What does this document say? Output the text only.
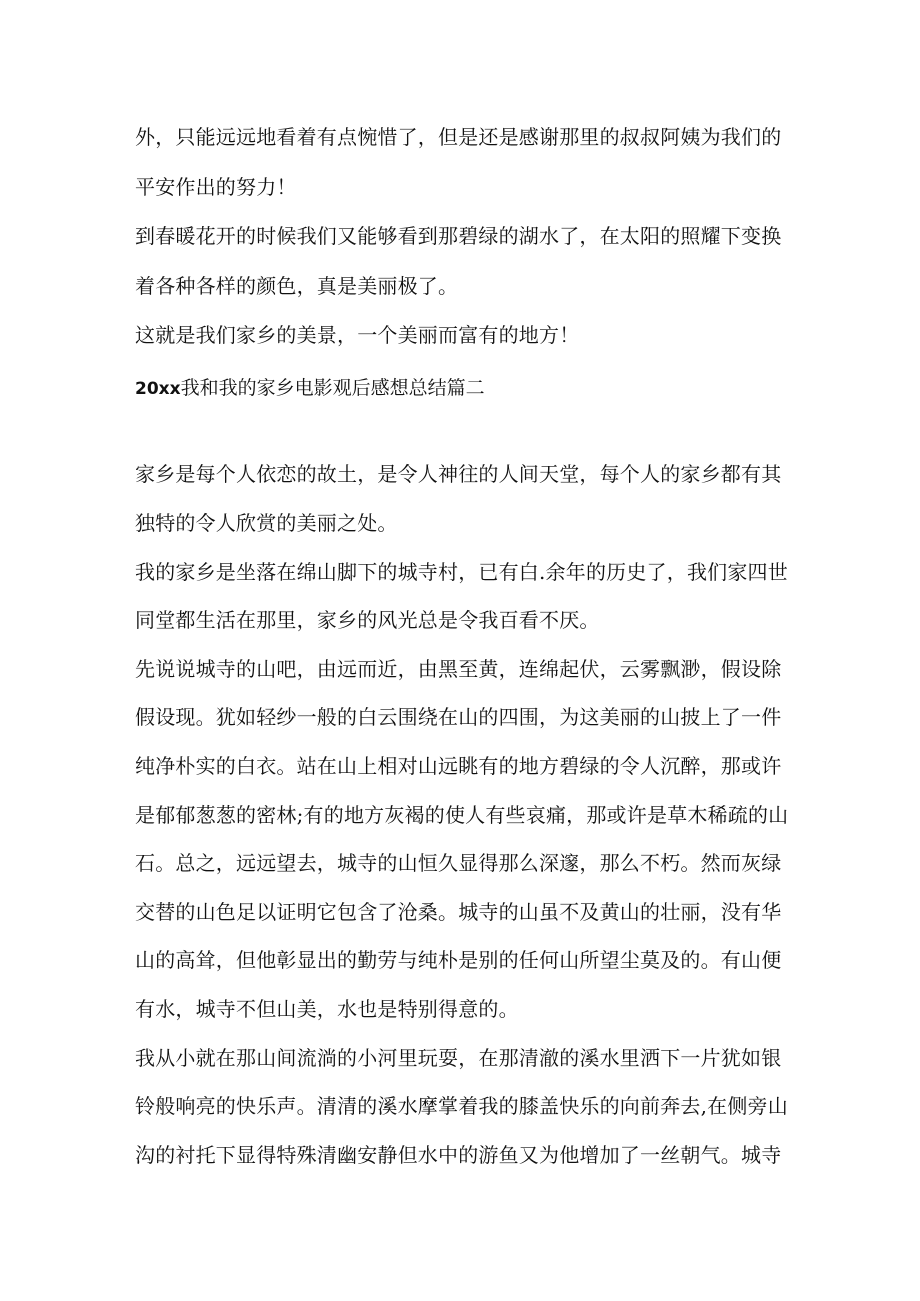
外，只能远远地看着有点惋惜了，但是还是感谢那里的叔叔阿姨为我们的
平安作出的努力！
到春暖花开的时候我们又能够看到那碧绿的湖水了，在太阳的照耀下变换
着各种各样的颜色，真是美丽极了。
这就是我们家乡的美景，一个美丽而富有的地方！
20xx我和我的家乡电影观后感想总结篇二
家乡是每个人依恋的故土，是令人神往的人间天堂，每个人的家乡都有其
独特的令人欣赏的美丽之处。
我的家乡是坐落在绵山脚下的城寺村，已有白.余年的历史了，我们家四世
同堂都生活在那里，家乡的风光总是令我百看不厌。
先说说城寺的山吧，由远而近，由黑至黄，连绵起伏，云雾飘渺，假设除
假设现。犹如轻纱一般的白云围绕在山的四围，为这美丽的山披上了一件
纯净朴实的白衣。站在山上相对山远眺有的地方碧绿的令人沉醉，那或许
是郁郁葱葱的密林;有的地方灰褐的使人有些哀痛，那或许是草木稀疏的山
石。总之，远远望去，城寺的山恒久显得那么深邃，那么不朽。然而灰绿
交替的山色足以证明它包含了沧桑。城寺的山虽不及黄山的壮丽，没有华
山的高耸，但他彰显出的勤劳与纯朴是别的任何山所望尘莫及的。有山便
有水，城寺不但山美，水也是特别得意的。
我从小就在那山间流淌的小河里玩耍，在那清澈的溪水里洒下一片犹如银
铃般响亮的快乐声。清清的溪水摩掌着我的膝盖快乐的向前奔去,在侧旁山
沟的衬托下显得特殊清幽安静但水中的游鱼又为他增加了一丝朝气。城寺
